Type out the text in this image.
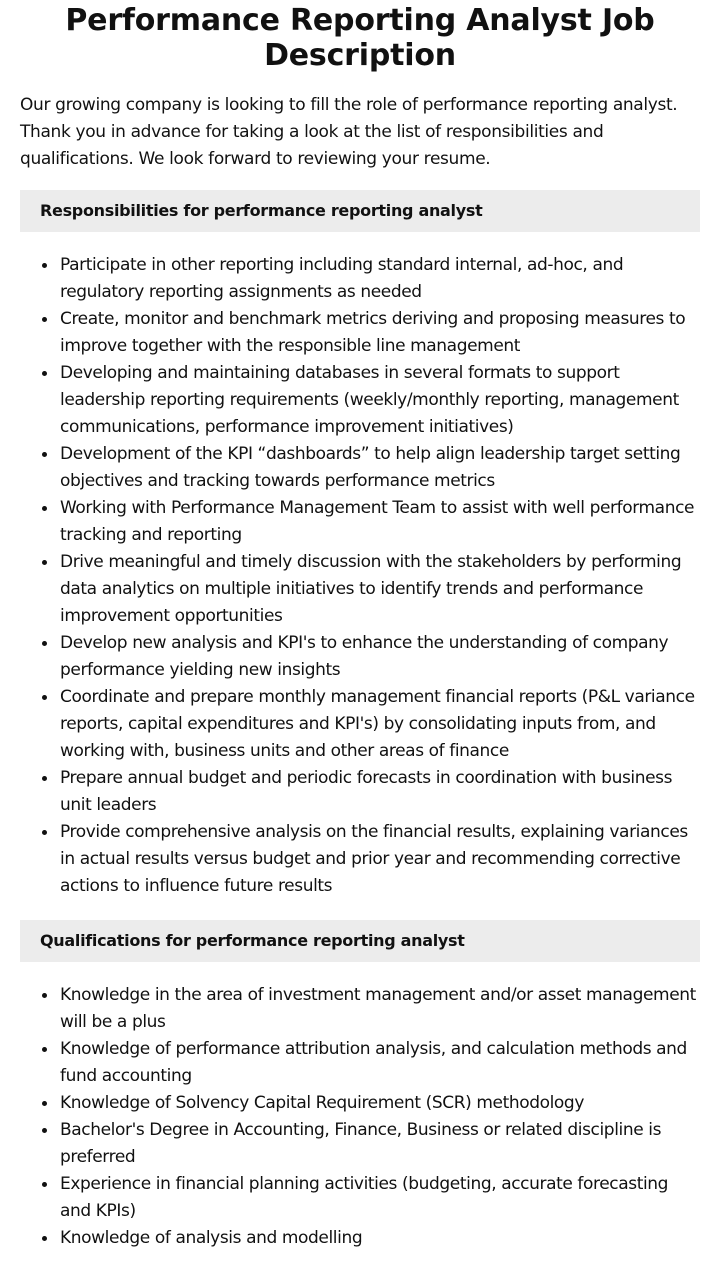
Performance Reporting Analyst Job Description

Our growing company is looking to fill the role of performance reporting analyst. Thank you in advance for taking a look at the list of responsibilities and qualifications. We look forward to reviewing your resume.

Responsibilities for performance reporting analyst
Participate in other reporting including standard internal, ad-hoc, and regulatory reporting assignments as needed
Create, monitor and benchmark metrics deriving and proposing measures to improve together with the responsible line management
Developing and maintaining databases in several formats to support leadership reporting requirements (weekly/monthly reporting, management communications, performance improvement initiatives)
Development of the KPI “dashboards” to help align leadership target setting objectives and tracking towards performance metrics
Working with Performance Management Team to assist with well performance tracking and reporting
Drive meaningful and timely discussion with the stakeholders by performing data analytics on multiple initiatives to identify trends and performance improvement opportunities
Develop new analysis and KPI's to enhance the understanding of company performance yielding new insights
Coordinate and prepare monthly management financial reports (P&L variance reports, capital expenditures and KPI's) by consolidating inputs from, and working with, business units and other areas of finance
Prepare annual budget and periodic forecasts in coordination with business unit leaders
Provide comprehensive analysis on the financial results, explaining variances in actual results versus budget and prior year and recommending corrective actions to influence future results
Qualifications for performance reporting analyst
Knowledge in the area of investment management and/or asset management will be a plus
Knowledge of performance attribution analysis, and calculation methods and fund accounting
Knowledge of Solvency Capital Requirement (SCR) methodology
Bachelor's Degree in Accounting, Finance, Business or related discipline is preferred
Experience in financial planning activities (budgeting, accurate forecasting and KPIs)
Knowledge of analysis and modelling
